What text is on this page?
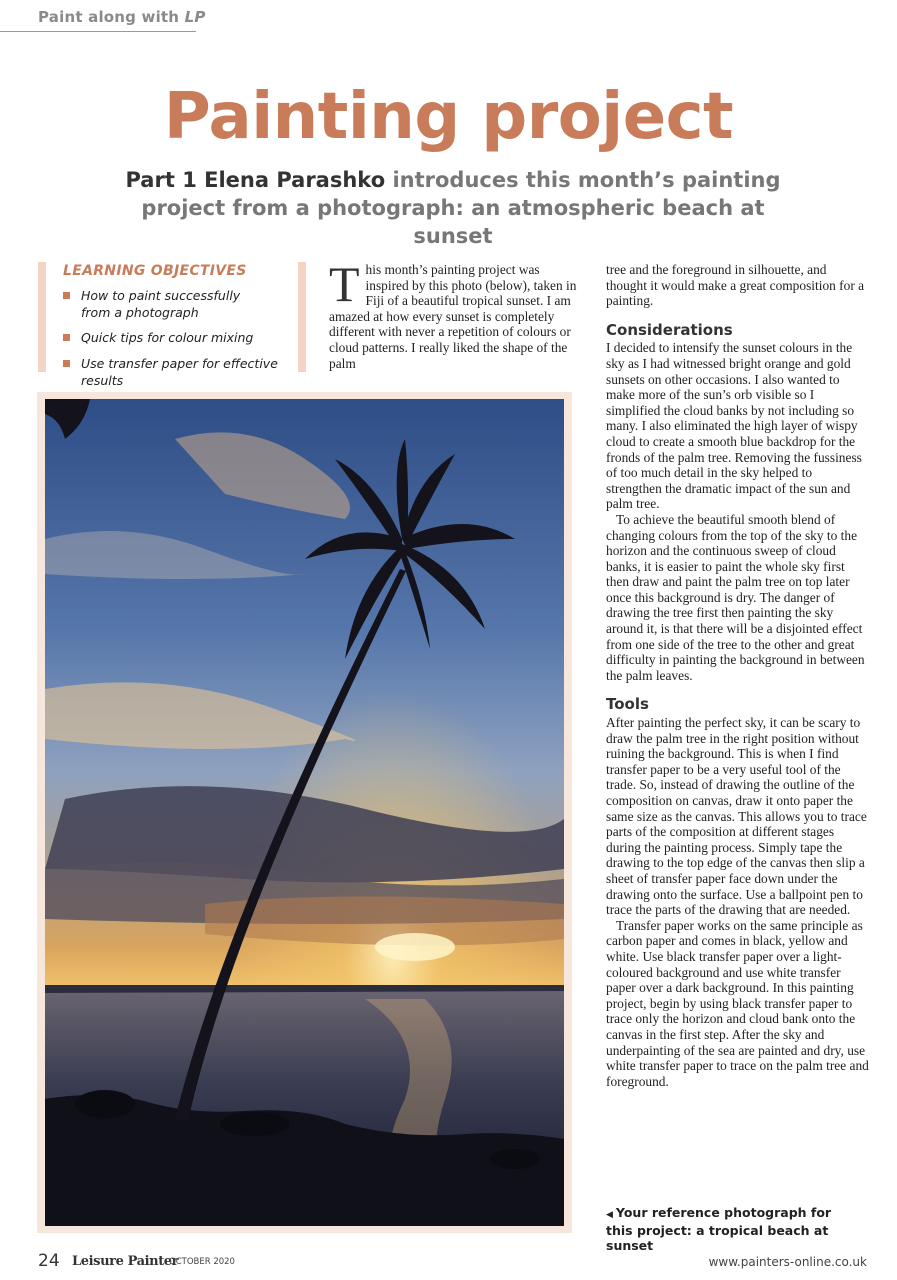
Paint along with LP
Painting project
Part 1 Elena Parashko introduces this month’s painting project from a photograph: an atmospheric beach at sunset
LEARNING OBJECTIVES
How to paint successfully from a photograph
Quick tips for colour mixing
Use transfer paper for effective results

This month’s painting project was inspired by this photo (below), taken in Fiji of a beautiful tropical sunset. I am amazed at how every sunset is completely different with never a repetition of colours or cloud patterns. I really liked the shape of the palm

tree and the foreground in silhouette, and thought it would make a great composition for a painting.

Considerations

I decided to intensify the sunset colours in the sky as I had witnessed bright orange and gold sunsets on other occasions. I also wanted to make more of the sun’s orb visible so I simplified the cloud banks by not including so many. I also eliminated the high layer of wispy cloud to create a smooth blue backdrop for the fronds of the palm tree. Removing the fussiness of too much detail in the sky helped to strengthen the dramatic impact of the sun and palm tree.

To achieve the beautiful smooth blend of changing colours from the top of the sky to the horizon and the continuous sweep of cloud banks, it is easier to paint the whole sky first then draw and paint the palm tree on top later once this background is dry. The danger of drawing the tree first then painting the sky around it, is that there will be a disjointed effect from one side of the tree to the other and great difficulty in painting the background in between the palm leaves.

Tools

After painting the perfect sky, it can be scary to draw the palm tree in the right position without ruining the background. This is when I find transfer paper to be a very useful tool of the trade. So, instead of drawing the outline of the composition on canvas, draw it onto paper the same size as the canvas. This allows you to trace parts of the composition at different stages during the painting process. Simply tape the drawing to the top edge of the canvas then slip a sheet of transfer paper face down under the drawing onto the surface. Use a ballpoint pen to trace the parts of the drawing that are needed.

Transfer paper works on the same principle as carbon paper and comes in black, yellow and white. Use black transfer paper over a light-coloured background and use white transfer paper over a dark background. In this painting project, begin by using black transfer paper to trace only the horizon and cloud bank onto the canvas in the first step. After the sky and underpainting of the sea are painted and dry, use white transfer paper to trace on the palm tree and foreground.

◀ Your reference photograph for this project: a tropical beach at sunset
24 Leisure Painter
OCTOBER 2020	www.painters-online.co.uk
